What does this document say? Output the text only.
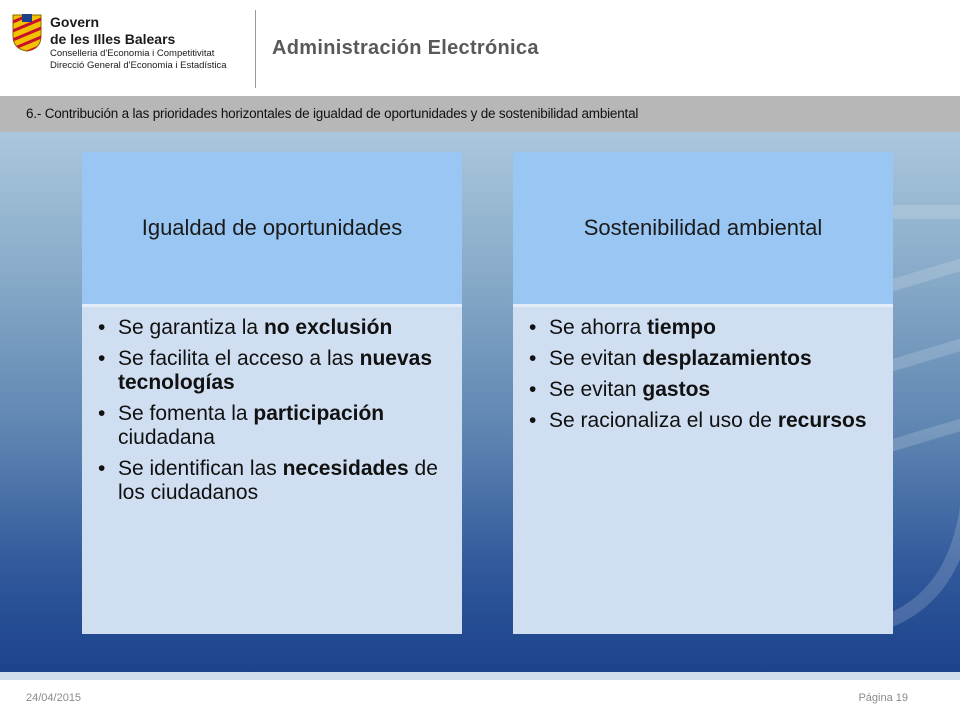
Govern
de les Illes Balears
Conselleria d'Economia i Competitivitat
Direcció General d'Economia i Estadística
Administración Electrónica
6.- Contribución a las prioridades horizontales de igualdad de oportunidades y de sostenibilidad ambiental
Igualdad de oportunidades
• Se garantiza la no exclusión
• Se facilita el acceso a las nuevas tecnologías
• Se fomenta la participación ciudadana
• Se identifican las necesidades de los ciudadanos
Sostenibilidad ambiental
• Se ahorra tiempo
• Se evitan desplazamientos
• Se evitan gastos
• Se racionaliza el uso de recursos
24/04/2015	Página 19
